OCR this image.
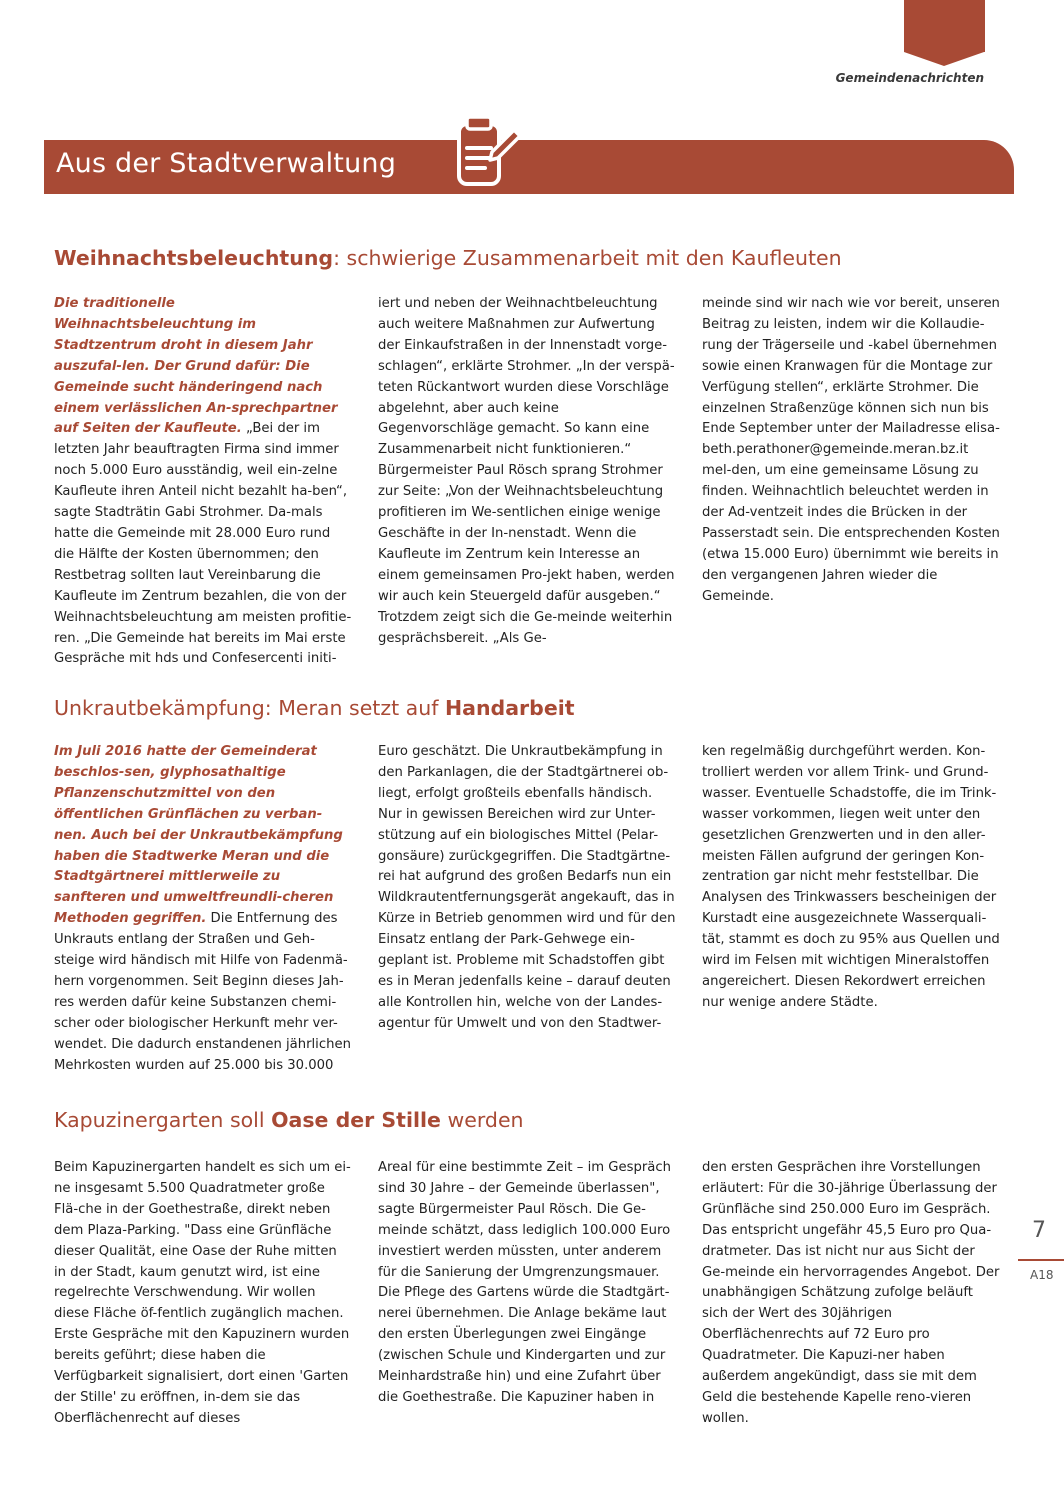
Gemeindenachrichten
Aus der Stadtverwaltung
Weihnachtsbeleuchtung: schwierige Zusammenarbeit mit den Kaufleuten
Die traditionelle Weihnachtsbeleuchtung im Stadtzentrum droht in diesem Jahr auszufal-len. Der Grund dafür: Die Gemeinde sucht händeringend nach einem verlässlichen An-sprechpartner auf Seiten der Kaufleute. „Bei der im letzten Jahr beauftragten Firma sind immer noch 5.000 Euro ausständig, weil ein-zelne Kaufleute ihren Anteil nicht bezahlt ha-ben“, sagte Stadträtin Gabi Strohmer. Da-mals hatte die Gemeinde mit 28.000 Euro rund die Hälfte der Kosten übernommen; den Restbetrag sollten laut Vereinbarung die Kaufleute im Zentrum bezahlen, die von der Weihnachtsbeleuchtung am meisten profitie-ren. „Die Gemeinde hat bereits im Mai erste Gespräche mit hds und Confesercenti initi-
iert und neben der Weihnachtbeleuchtung auch weitere Maßnahmen zur Aufwertung der Einkaufstraßen in der Innenstadt vorge-schlagen“, erklärte Strohmer. „In der verspä-teten Rückantwort wurden diese Vorschläge abgelehnt, aber auch keine Gegenvorschläge gemacht. So kann eine Zusammenarbeit nicht funktionieren.“ Bürgermeister Paul Rösch sprang Strohmer zur Seite: „Von der Weihnachtsbeleuchtung profitieren im We-sentlichen einige wenige Geschäfte in der In-nenstadt. Wenn die Kaufleute im Zentrum kein Interesse an einem gemeinsamen Pro-jekt haben, werden wir auch kein Steuergeld dafür ausgeben.“ Trotzdem zeigt sich die Ge-meinde weiterhin gesprächsbereit. „Als Ge-
meinde sind wir nach wie vor bereit, unseren Beitrag zu leisten, indem wir die Kollaudie-rung der Trägerseile und -kabel übernehmen sowie einen Kranwagen für die Montage zur Verfügung stellen“, erklärte Strohmer. Die einzelnen Straßenzüge können sich nun bis Ende September unter der Mailadresse elisa-beth.perathoner@gemeinde.meran.bz.it mel-den, um eine gemeinsame Lösung zu finden. Weihnachtlich beleuchtet werden in der Ad-ventzeit indes die Brücken in der Passerstadt sein. Die entsprechenden Kosten (etwa 15.000 Euro) übernimmt wie bereits in den vergangenen Jahren wieder die Gemeinde.
Unkrautbekämpfung: Meran setzt auf Handarbeit
Im Juli 2016 hatte der Gemeinderat beschlos-sen, glyphosathaltige Pflanzenschutzmittel von den öffentlichen Grünflächen zu verban-nen. Auch bei der Unkrautbekämpfung haben die Stadtwerke Meran und die Stadtgärtnerei mittlerweile zu sanfteren und umweltfreundli-cheren Methoden gegriffen. Die Entfernung des Unkrauts entlang der Straßen und Geh-steige wird händisch mit Hilfe von Fadenmä-hern vorgenommen. Seit Beginn dieses Jah-res werden dafür keine Substanzen chemi-scher oder biologischer Herkunft mehr ver-wendet. Die dadurch enstandenen jährlichen Mehrkosten wurden auf 25.000 bis 30.000
Euro geschätzt. Die Unkrautbekämpfung in den Parkanlagen, die der Stadtgärtnerei ob-liegt, erfolgt großteils ebenfalls händisch. Nur in gewissen Bereichen wird zur Unter-stützung auf ein biologisches Mittel (Pelar-gonsäure) zurückgegriffen. Die Stadtgärtne-rei hat aufgrund des großen Bedarfs nun ein Wildkrautentfernungsgerät angekauft, das in Kürze in Betrieb genommen wird und für den Einsatz entlang der Park-Gehwege ein-geplant ist. Probleme mit Schadstoffen gibt es in Meran jedenfalls keine – darauf deuten alle Kontrollen hin, welche von der Landes-agentur für Umwelt und von den Stadtwer-
ken regelmäßig durchgeführt werden. Kon-trolliert werden vor allem Trink- und Grund-wasser. Eventuelle Schadstoffe, die im Trink-wasser vorkommen, liegen weit unter den gesetzlichen Grenzwerten und in den aller-meisten Fällen aufgrund der geringen Kon-zentration gar nicht mehr feststellbar. Die Analysen des Trinkwassers bescheinigen der Kurstadt eine ausgezeichnete Wasserquali-tät, stammt es doch zu 95% aus Quellen und wird im Felsen mit wichtigen Mineralstoffen angereichert. Diesen Rekordwert erreichen nur wenige andere Städte.
Kapuzinergarten soll Oase der Stille werden
Beim Kapuzinergarten handelt es sich um ei-ne insgesamt 5.500 Quadratmeter große Flä-che in der Goethestraße, direkt neben dem Plaza-Parking. "Dass eine Grünfläche dieser Qualität, eine Oase der Ruhe mitten in der Stadt, kaum genutzt wird, ist eine regelrechte Verschwendung. Wir wollen diese Fläche öf-fentlich zugänglich machen. Erste Gespräche mit den Kapuzinern wurden bereits geführt; diese haben die Verfügbarkeit signalisiert, dort einen 'Garten der Stille' zu eröffnen, in-dem sie das Oberflächenrecht auf dieses
Areal für eine bestimmte Zeit – im Gespräch sind 30 Jahre – der Gemeinde überlassen", sagte Bürgermeister Paul Rösch. Die Ge-meinde schätzt, dass lediglich 100.000 Euro investiert werden müssten, unter anderem für die Sanierung der Umgrenzungsmauer. Die Pflege des Gartens würde die Stadtgärt-nerei übernehmen. Die Anlage bekäme laut den ersten Überlegungen zwei Eingänge (zwischen Schule und Kindergarten und zur Meinhardstraße hin) und eine Zufahrt über die Goethestraße. Die Kapuziner haben in
den ersten Gesprächen ihre Vorstellungen erläutert: Für die 30-jährige Überlassung der Grünfläche sind 250.000 Euro im Gespräch. Das entspricht ungefähr 45,5 Euro pro Qua-dratmeter. Das ist nicht nur aus Sicht der Ge-meinde ein hervorragendes Angebot. Der unabhängigen Schätzung zufolge beläuft sich der Wert des 30jährigen Oberflächenrechts auf 72 Euro pro Quadratmeter. Die Kapuzi-ner haben außerdem angekündigt, dass sie mit dem Geld die bestehende Kapelle reno-vieren wollen.
7
A18
